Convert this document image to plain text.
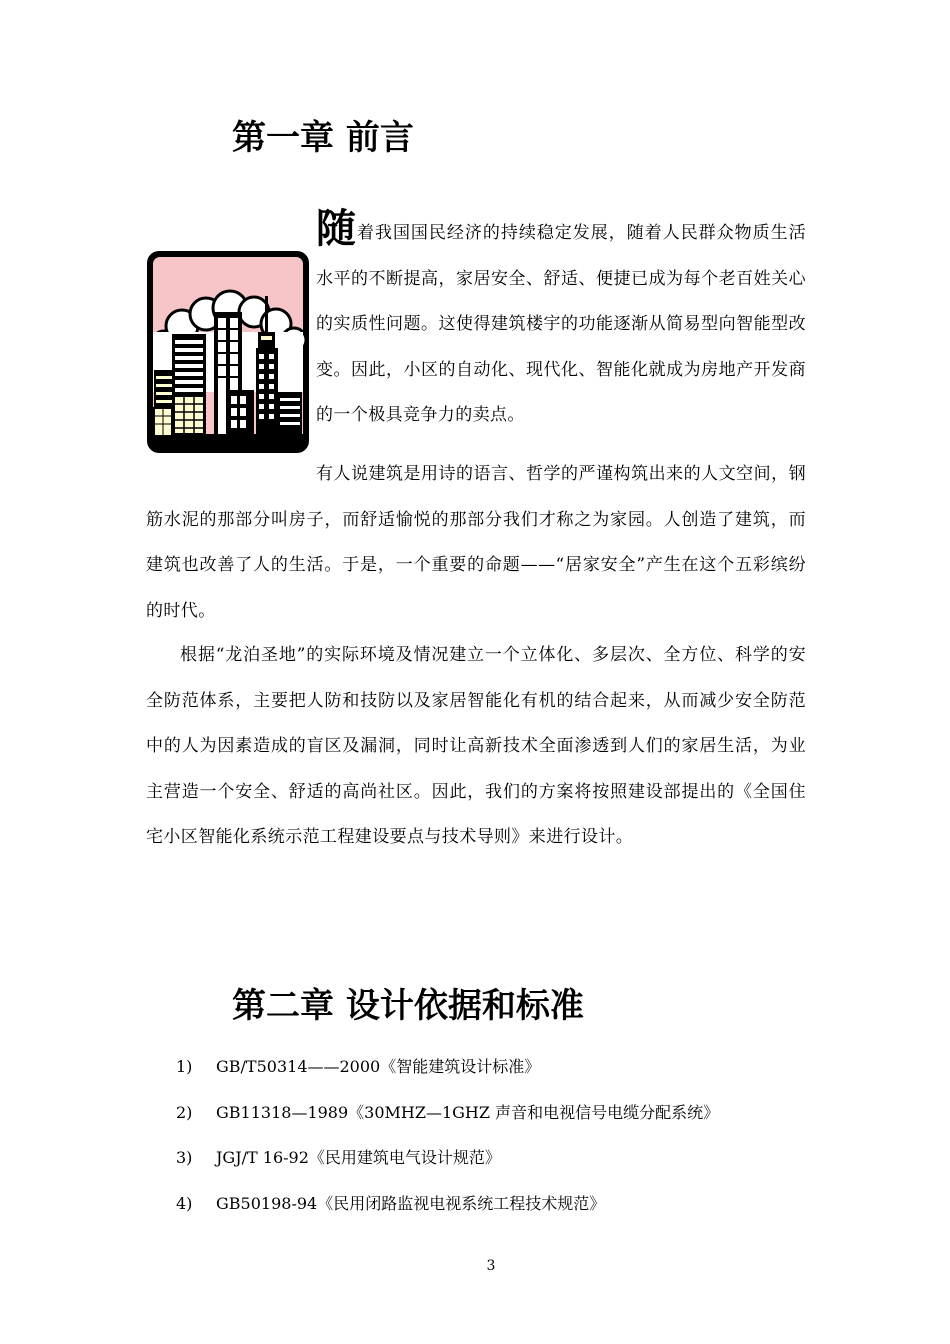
第一章 前言

随着我国国民经济的持续稳定发展，随着人民群众物质生活水平的不断提高，家居安全、舒适、便捷已成为每个老百姓关心的实质性问题。这使得建筑楼宇的功能逐渐从简易型向智能型改变。因此，小区的自动化、现代化、智能化就成为房地产开发商的一个极具竞争力的卖点。

有人说建筑是用诗的语言、哲学的严谨构筑出来的人文空间，钢筋水泥的那部分叫房子，而舒适愉悦的那部分我们才称之为家园。人创造了建筑，而建筑也改善了人的生活。于是，一个重要的命题——“居家安全”产生在这个五彩缤纷的时代。

根据“龙泊圣地”的实际环境及情况建立一个立体化、多层次、全方位、科学的安全防范体系，主要把人防和技防以及家居智能化有机的结合起来，从而减少安全防范中的人为因素造成的盲区及漏洞，同时让高新技术全面渗透到人们的家居生活，为业主营造一个安全、舒适的高尚社区。因此，我们的方案将按照建设部提出的《全国住宅小区智能化系统示范工程建设要点与技术导则》来进行设计。

第二章 设计依据和标准
1) GB/T50314——2000《智能建筑设计标准》
2) GB11318—1989《30MHZ—1GHZ 声音和电视信号电缆分配系统》
3) JGJ/T 16-92《民用建筑电气设计规范》
4) GB50198-94《民用闭路监视电视系统工程技术规范》
3
